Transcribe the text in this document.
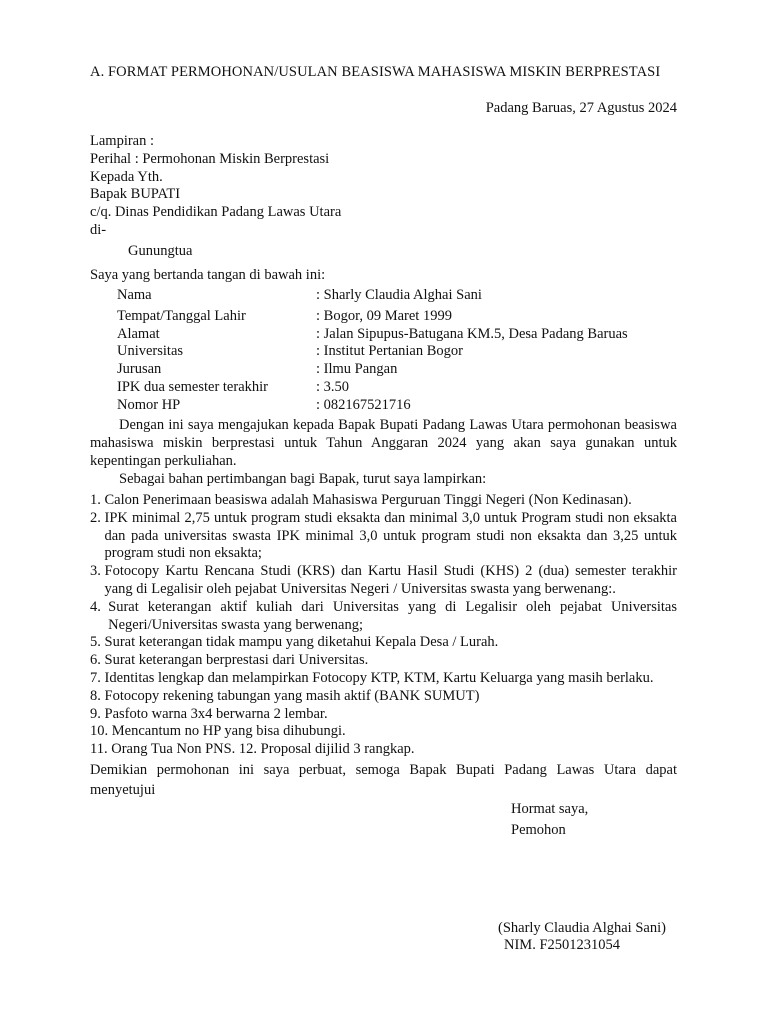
A. FORMAT PERMOHONAN/USULAN BEASISWA MAHASISWA MISKIN BERPRESTASI
Padang Baruas, 27 Agustus 2024
Lampiran :
Perihal : Permohonan Miskin Berprestasi
Kepada Yth.
Bapak BUPATI
c/q. Dinas Pendidikan Padang Lawas Utara
di-
Gunungtua
Saya yang bertanda tangan di bawah ini:
Nama	: Sharly Claudia Alghai Sani
Tempat/Tanggal Lahir	: Bogor, 09 Maret 1999
Alamat	: Jalan Sipupus-Batugana KM.5, Desa Padang Baruas
Universitas	: Institut Pertanian Bogor
Jurusan	: Ilmu Pangan
IPK dua semester terakhir	: 3.50
Nomor HP	: 082167521716
Dengan ini saya mengajukan kepada Bapak Bupati Padang Lawas Utara permohonan beasiswa mahasiswa miskin berprestasi untuk Tahun Anggaran 2024 yang akan saya gunakan untuk kepentingan perkuliahan.
Sebagai bahan pertimbangan bagi Bapak, turut saya lampirkan:
1. Calon Penerimaan beasiswa adalah Mahasiswa Perguruan Tinggi Negeri (Non Kedinasan).
2. IPK minimal 2,75 untuk program studi eksakta dan minimal 3,0 untuk Program studi non eksakta dan pada universitas swasta IPK minimal 3,0 untuk program studi non eksakta dan 3,25 untuk program studi non eksakta;
3. Fotocopy Kartu Rencana Studi (KRS) dan Kartu Hasil Studi (KHS) 2 (dua) semester terakhir yang di Legalisir oleh pejabat Universitas Negeri / Universitas swasta yang berwenang:.
4. Surat keterangan aktif kuliah dari Universitas yang di Legalisir oleh pejabat Universitas Negeri/Universitas swasta yang berwenang;
5. Surat keterangan tidak mampu yang diketahui Kepala Desa / Lurah.
6. Surat keterangan berprestasi dari Universitas.
7. Identitas lengkap dan melampirkan Fotocopy KTP, KTM, Kartu Keluarga yang masih berlaku.
8. Fotocopy rekening tabungan yang masih aktif (BANK SUMUT)
9. Pasfoto warna 3x4 berwarna 2 lembar.
10. Mencantum no HP yang bisa dihubungi.
11. Orang Tua Non PNS. 12. Proposal dijilid 3 rangkap.
Demikian permohonan ini saya perbuat, semoga Bapak Bupati Padang Lawas Utara dapat menyetujui
Hormat saya,
Pemohon
(Sharly Claudia Alghai Sani)
NIM. F2501231054
